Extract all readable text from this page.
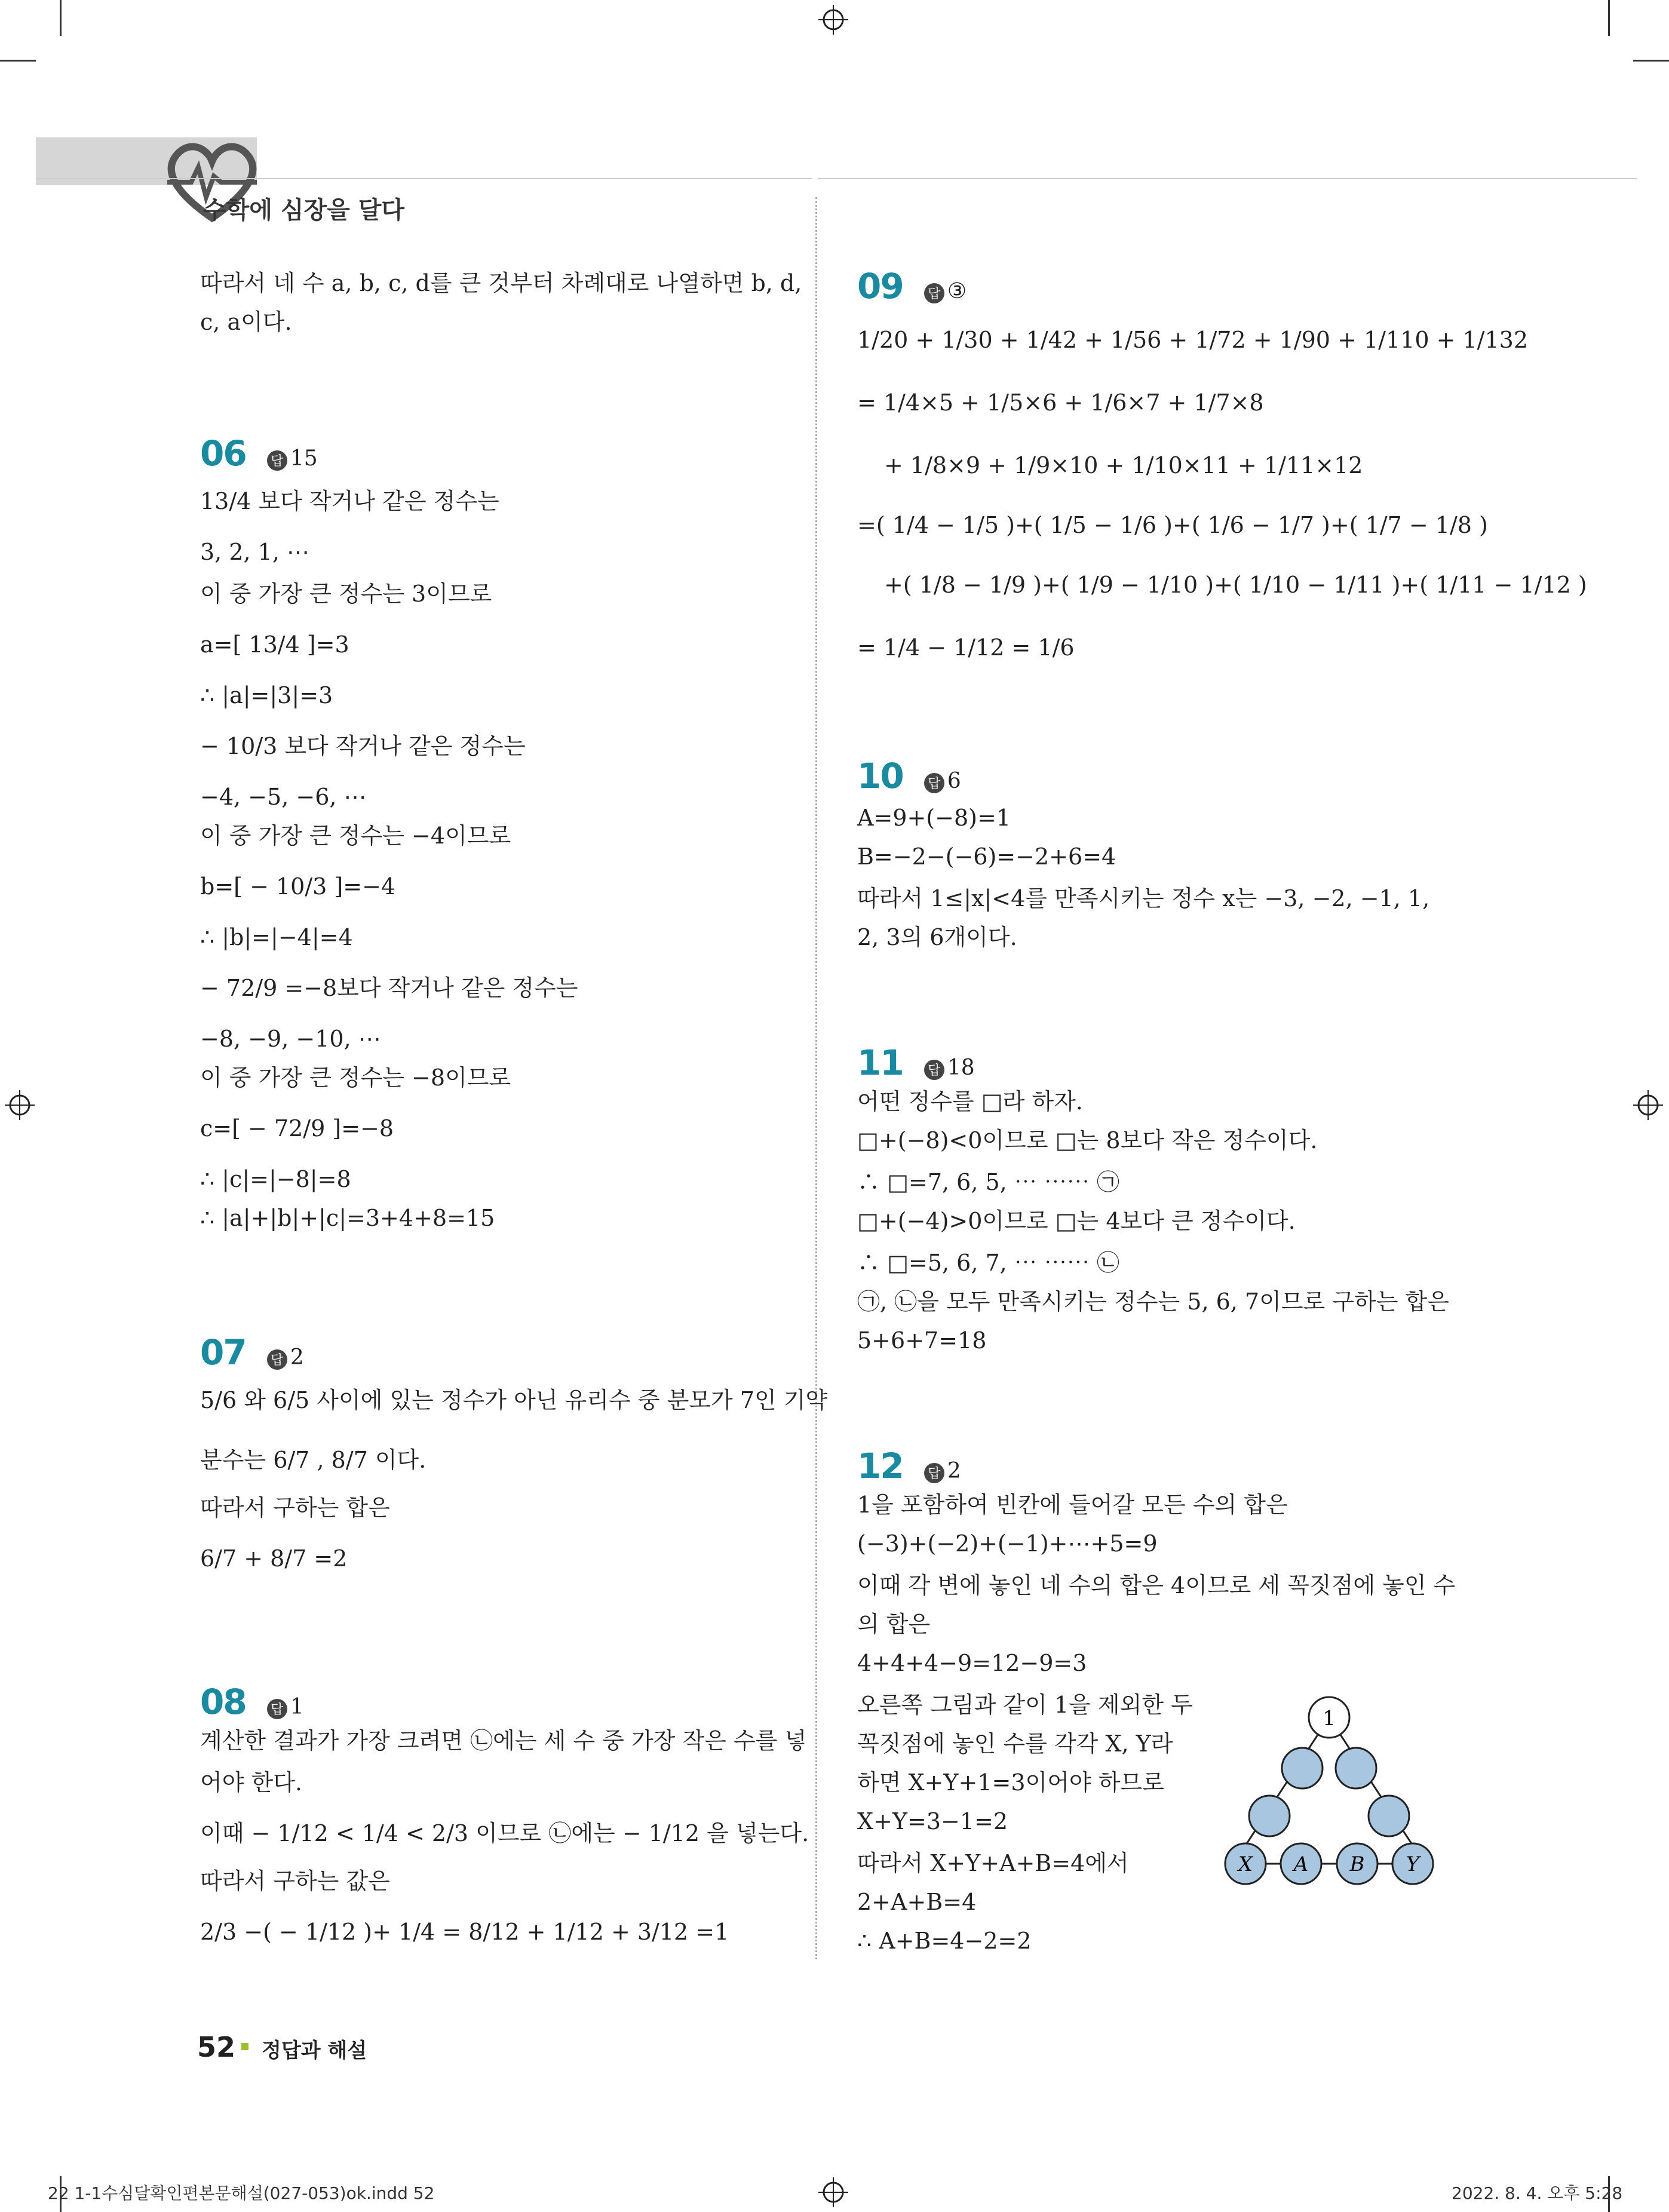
수학에 심장을 달다
따라서 네 수 a, b, c, d를 큰 것부터 차례대로 나열하면 b, d,
c, a이다.
06 답 15
13/4 보다 작거나 같은 정수는
3, 2, 1, ⋯
이 중 가장 큰 정수는 3이므로
a=[ 13/4 ]=3
∴ |a|=|3|=3
− 10/3 보다 작거나 같은 정수는
−4, −5, −6, ⋯
이 중 가장 큰 정수는 −4이므로
b=[ − 10/3 ]=−4
∴ |b|=|−4|=4
− 72/9 =−8보다 작거나 같은 정수는
−8, −9, −10, ⋯
이 중 가장 큰 정수는 −8이므로
c=[ − 72/9 ]=−8
∴ |c|=|−8|=8
∴ |a|+|b|+|c|=3+4+8=15
07 답 2
5/6 와 6/5 사이에 있는 정수가 아닌 유리수 중 분모가 7인 기약
분수는 6/7 , 8/7 이다.
따라서 구하는 합은
6/7 + 8/7 =2
08 답 1
계산한 결과가 가장 크려면 ㉡에는 세 수 중 가장 작은 수를 넣
어야 한다.
이때 − 1/12 < 1/4 < 2/3 이므로 ㉡에는 − 1/12 을 넣는다.
따라서 구하는 값은
2/3 −( − 1/12 )+ 1/4 = 8/12 + 1/12 + 3/12 =1
09 답 ③
1/20 + 1/30 + 1/42 + 1/56 + 1/72 + 1/90 + 1/110 + 1/132
= 1/4×5 + 1/5×6 + 1/6×7 + 1/7×8
+ 1/8×9 + 1/9×10 + 1/10×11 + 1/11×12
=( 1/4 − 1/5 )+( 1/5 − 1/6 )+( 1/6 − 1/7 )+( 1/7 − 1/8 )
+( 1/8 − 1/9 )+( 1/9 − 1/10 )+( 1/10 − 1/11 )+( 1/11 − 1/12 )
= 1/4 − 1/12 = 1/6
10 답 6
A=9+(−8)=1
B=−2−(−6)=−2+6=4
따라서 1≤|x|<4를 만족시키는 정수 x는 −3, −2, −1, 1,
2, 3의 6개이다.
11 답 18
어떤 정수를 □라 하자.
□+(−8)<0이므로 □는 8보다 작은 정수이다.
∴ □=7, 6, 5, ⋯ ⋯⋯ ㉠
□+(−4)>0이므로 □는 4보다 큰 정수이다.
∴ □=5, 6, 7, ⋯ ⋯⋯ ㉡
㉠, ㉡을 모두 만족시키는 정수는 5, 6, 7이므로 구하는 합은
5+6+7=18
12 답 2
1을 포함하여 빈칸에 들어갈 모든 수의 합은
(−3)+(−2)+(−1)+⋯+5=9
이때 각 변에 놓인 네 수의 합은 4이므로 세 꼭짓점에 놓인 수
의 합은
4+4+4−9=12−9=3
오른쪽 그림과 같이 1을 제외한 두
꼭짓점에 놓인 수를 각각 X, Y라
하면 X+Y+1=3이어야 하므로
X+Y=3−1=2
따라서 X+Y+A+B=4에서
2+A+B=4
∴ A+B=4−2=2
1
X A B Y
52 정답과 해설
22 1-1수심달확인편본문해설(027-053)ok.indd 52	2022. 8. 4. 오후 5:28
